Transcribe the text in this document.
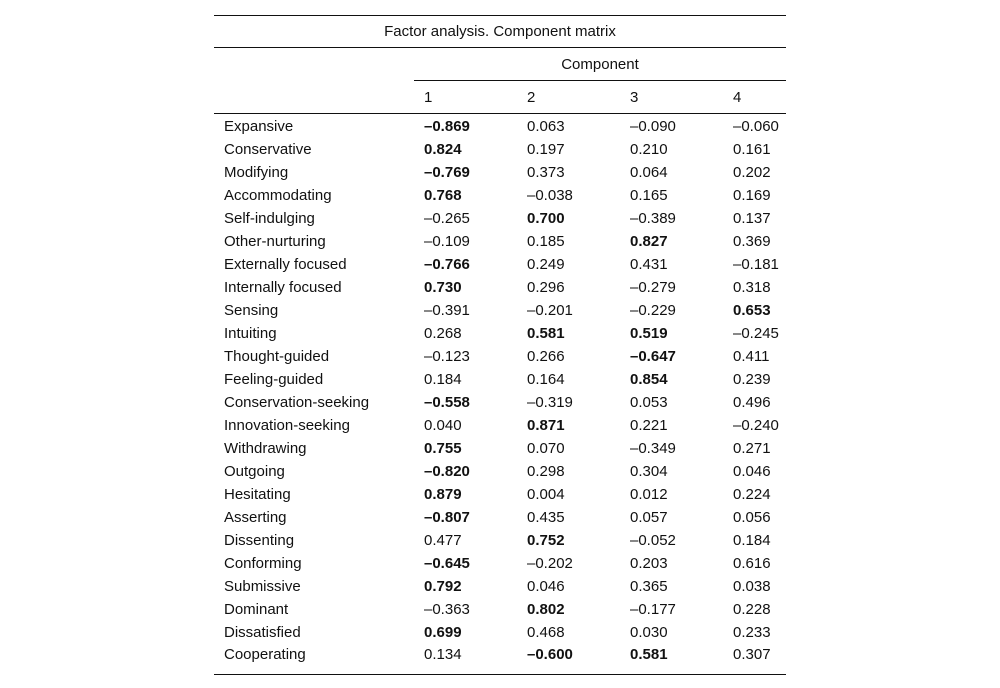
Factor analysis. Component matrix				
	Component			
	1	2	3	4
Expansive	–0.869	0.063	–0.090	–0.060
Conservative	0.824	0.197	0.210	0.161
Modifying	–0.769	0.373	0.064	0.202
Accommodating	0.768	–0.038	0.165	0.169
Self-indulging	–0.265	0.700	–0.389	0.137
Other-nurturing	–0.109	0.185	0.827	0.369
Externally focused	–0.766	0.249	0.431	–0.181
Internally focused	0.730	0.296	–0.279	0.318
Sensing	–0.391	–0.201	–0.229	0.653
Intuiting	0.268	0.581	0.519	–0.245
Thought-guided	–0.123	0.266	–0.647	0.411
Feeling-guided	0.184	0.164	0.854	0.239
Conservation-seeking	–0.558	–0.319	0.053	0.496
Innovation-seeking	0.040	0.871	0.221	–0.240
Withdrawing	0.755	0.070	–0.349	0.271
Outgoing	–0.820	0.298	0.304	0.046
Hesitating	0.879	0.004	0.012	0.224
Asserting	–0.807	0.435	0.057	0.056
Dissenting	0.477	0.752	–0.052	0.184
Conforming	–0.645	–0.202	0.203	0.616
Submissive	0.792	0.046	0.365	0.038
Dominant	–0.363	0.802	–0.177	0.228
Dissatisfied	0.699	0.468	0.030	0.233
Cooperating	0.134	–0.600	0.581	0.307
